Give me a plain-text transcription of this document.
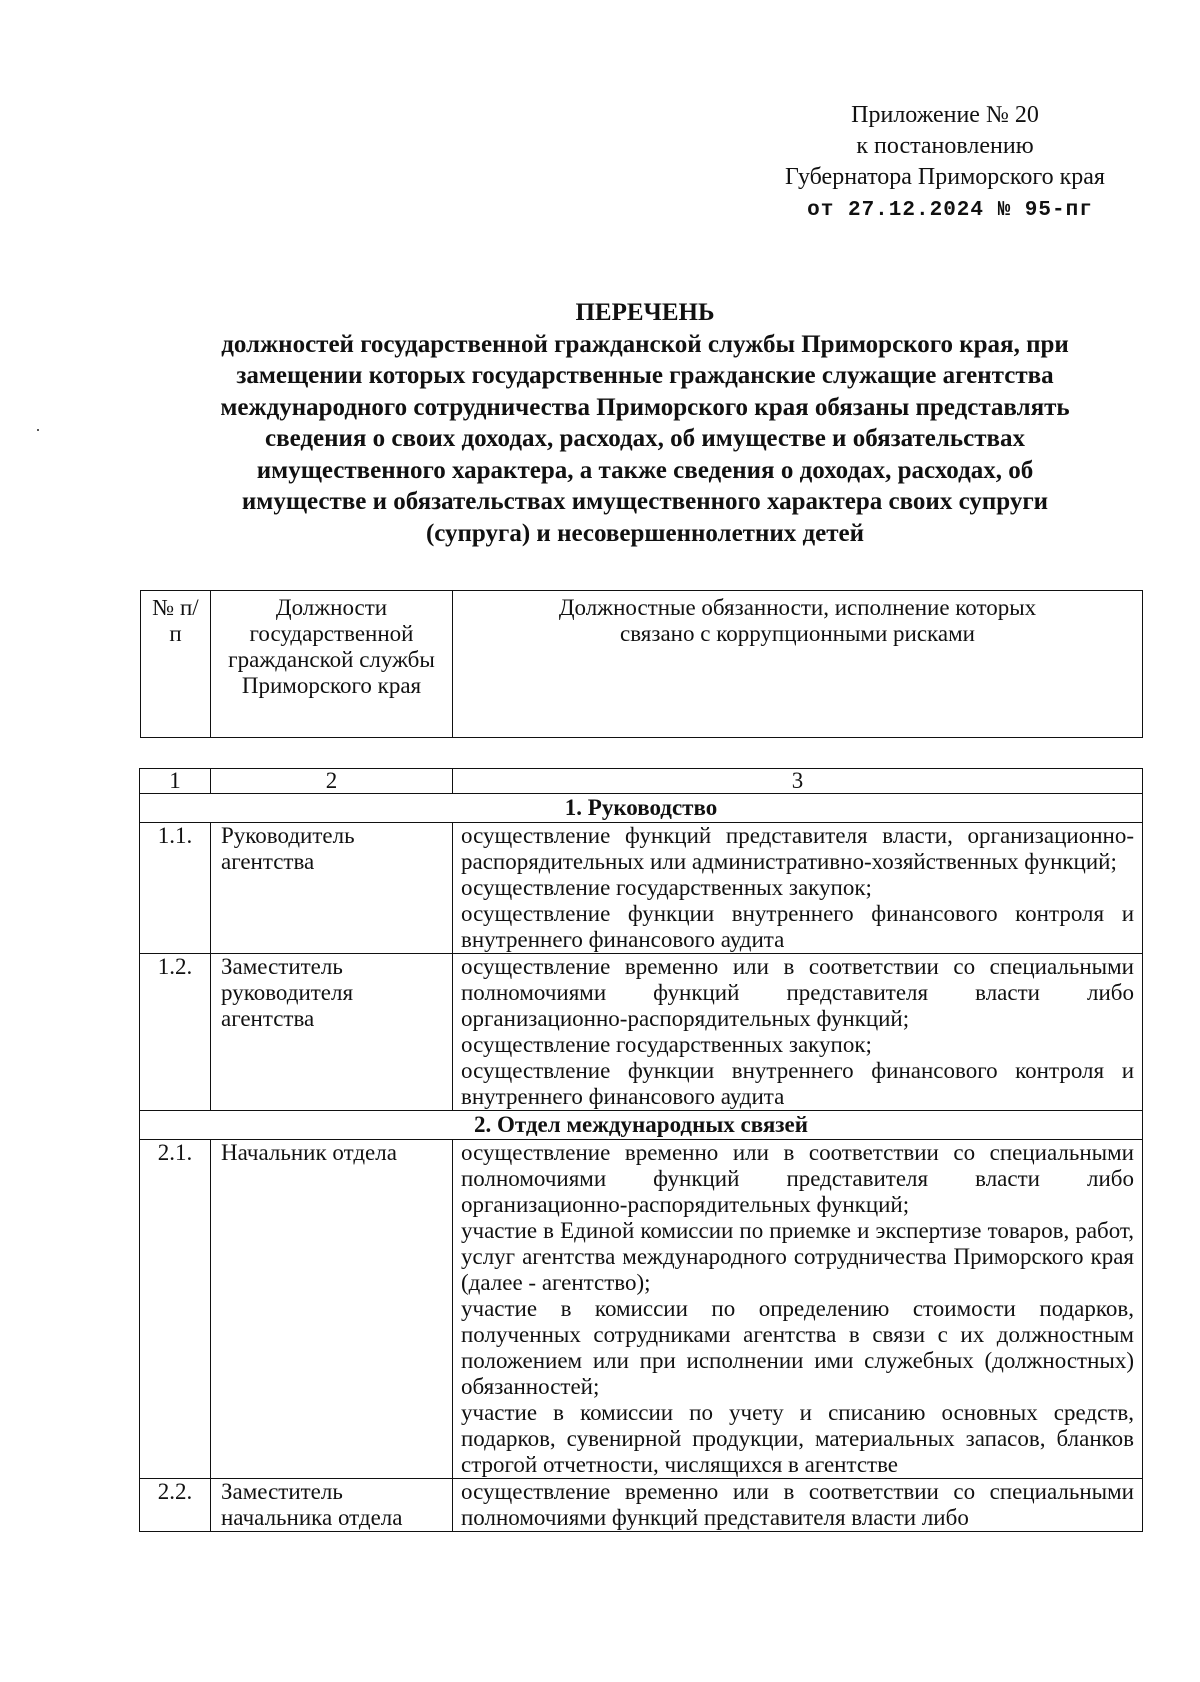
Приложение № 20
к постановлению
Губернатора Приморского края
от 27.12.2024 № 95-пг
ПЕРЕЧЕНЬ
должностей государственной гражданской службы Приморского края, при
замещении которых государственные гражданские служащие агентства
международного сотрудничества Приморского края обязаны представлять
сведения о своих доходах, расходах, об имуществе и обязательствах
имущественного характера, а также сведения о доходах, расходах, об
имуществе и обязательствах имущественного характера своих супруги
(супруга) и несовершеннолетних детей
№ п/п	Должности государственной гражданской службы Приморского края	Должностные обязанности, исполнение которых связано с коррупционными рисками
1	2	3
1. Руководство		
1.1.	Руководитель агентства	осуществление функций представителя власти, организационно-распорядительных или административно-хозяйственных функций;
осуществление государственных закупок;
осуществление функции внутреннего финансового контроля и внутреннего финансового аудита

1.2.	Заместитель руководителя агентства	осуществление временно или в соответствии со специальными полномочиями функций представителя власти либо организационно-распорядительных функций;
осуществление государственных закупок;
осуществление функции внутреннего финансового контроля и внутреннего финансового аудита

2. Отдел международных связей		
2.1.	Начальник отдела	осуществление временно или в соответствии со специальными полномочиями функций представителя власти либо организационно-распорядительных функций;
участие в Единой комиссии по приемке и экспертизе товаров, работ, услуг агентства международного сотрудничества Приморского края (далее - агентство);
участие в комиссии по определению стоимости подарков, полученных сотрудниками агентства в связи с их должностным положением или при исполнении ими служебных (должностных) обязанностей;
участие в комиссии по учету и списанию основных средств, подарков, сувенирной продукции, материальных запасов, бланков строгой отчетности, числящихся в агентстве

2.2.	Заместитель начальника отдела	осуществление временно или в соответствии со специальными полномочиями функций представителя власти либо
